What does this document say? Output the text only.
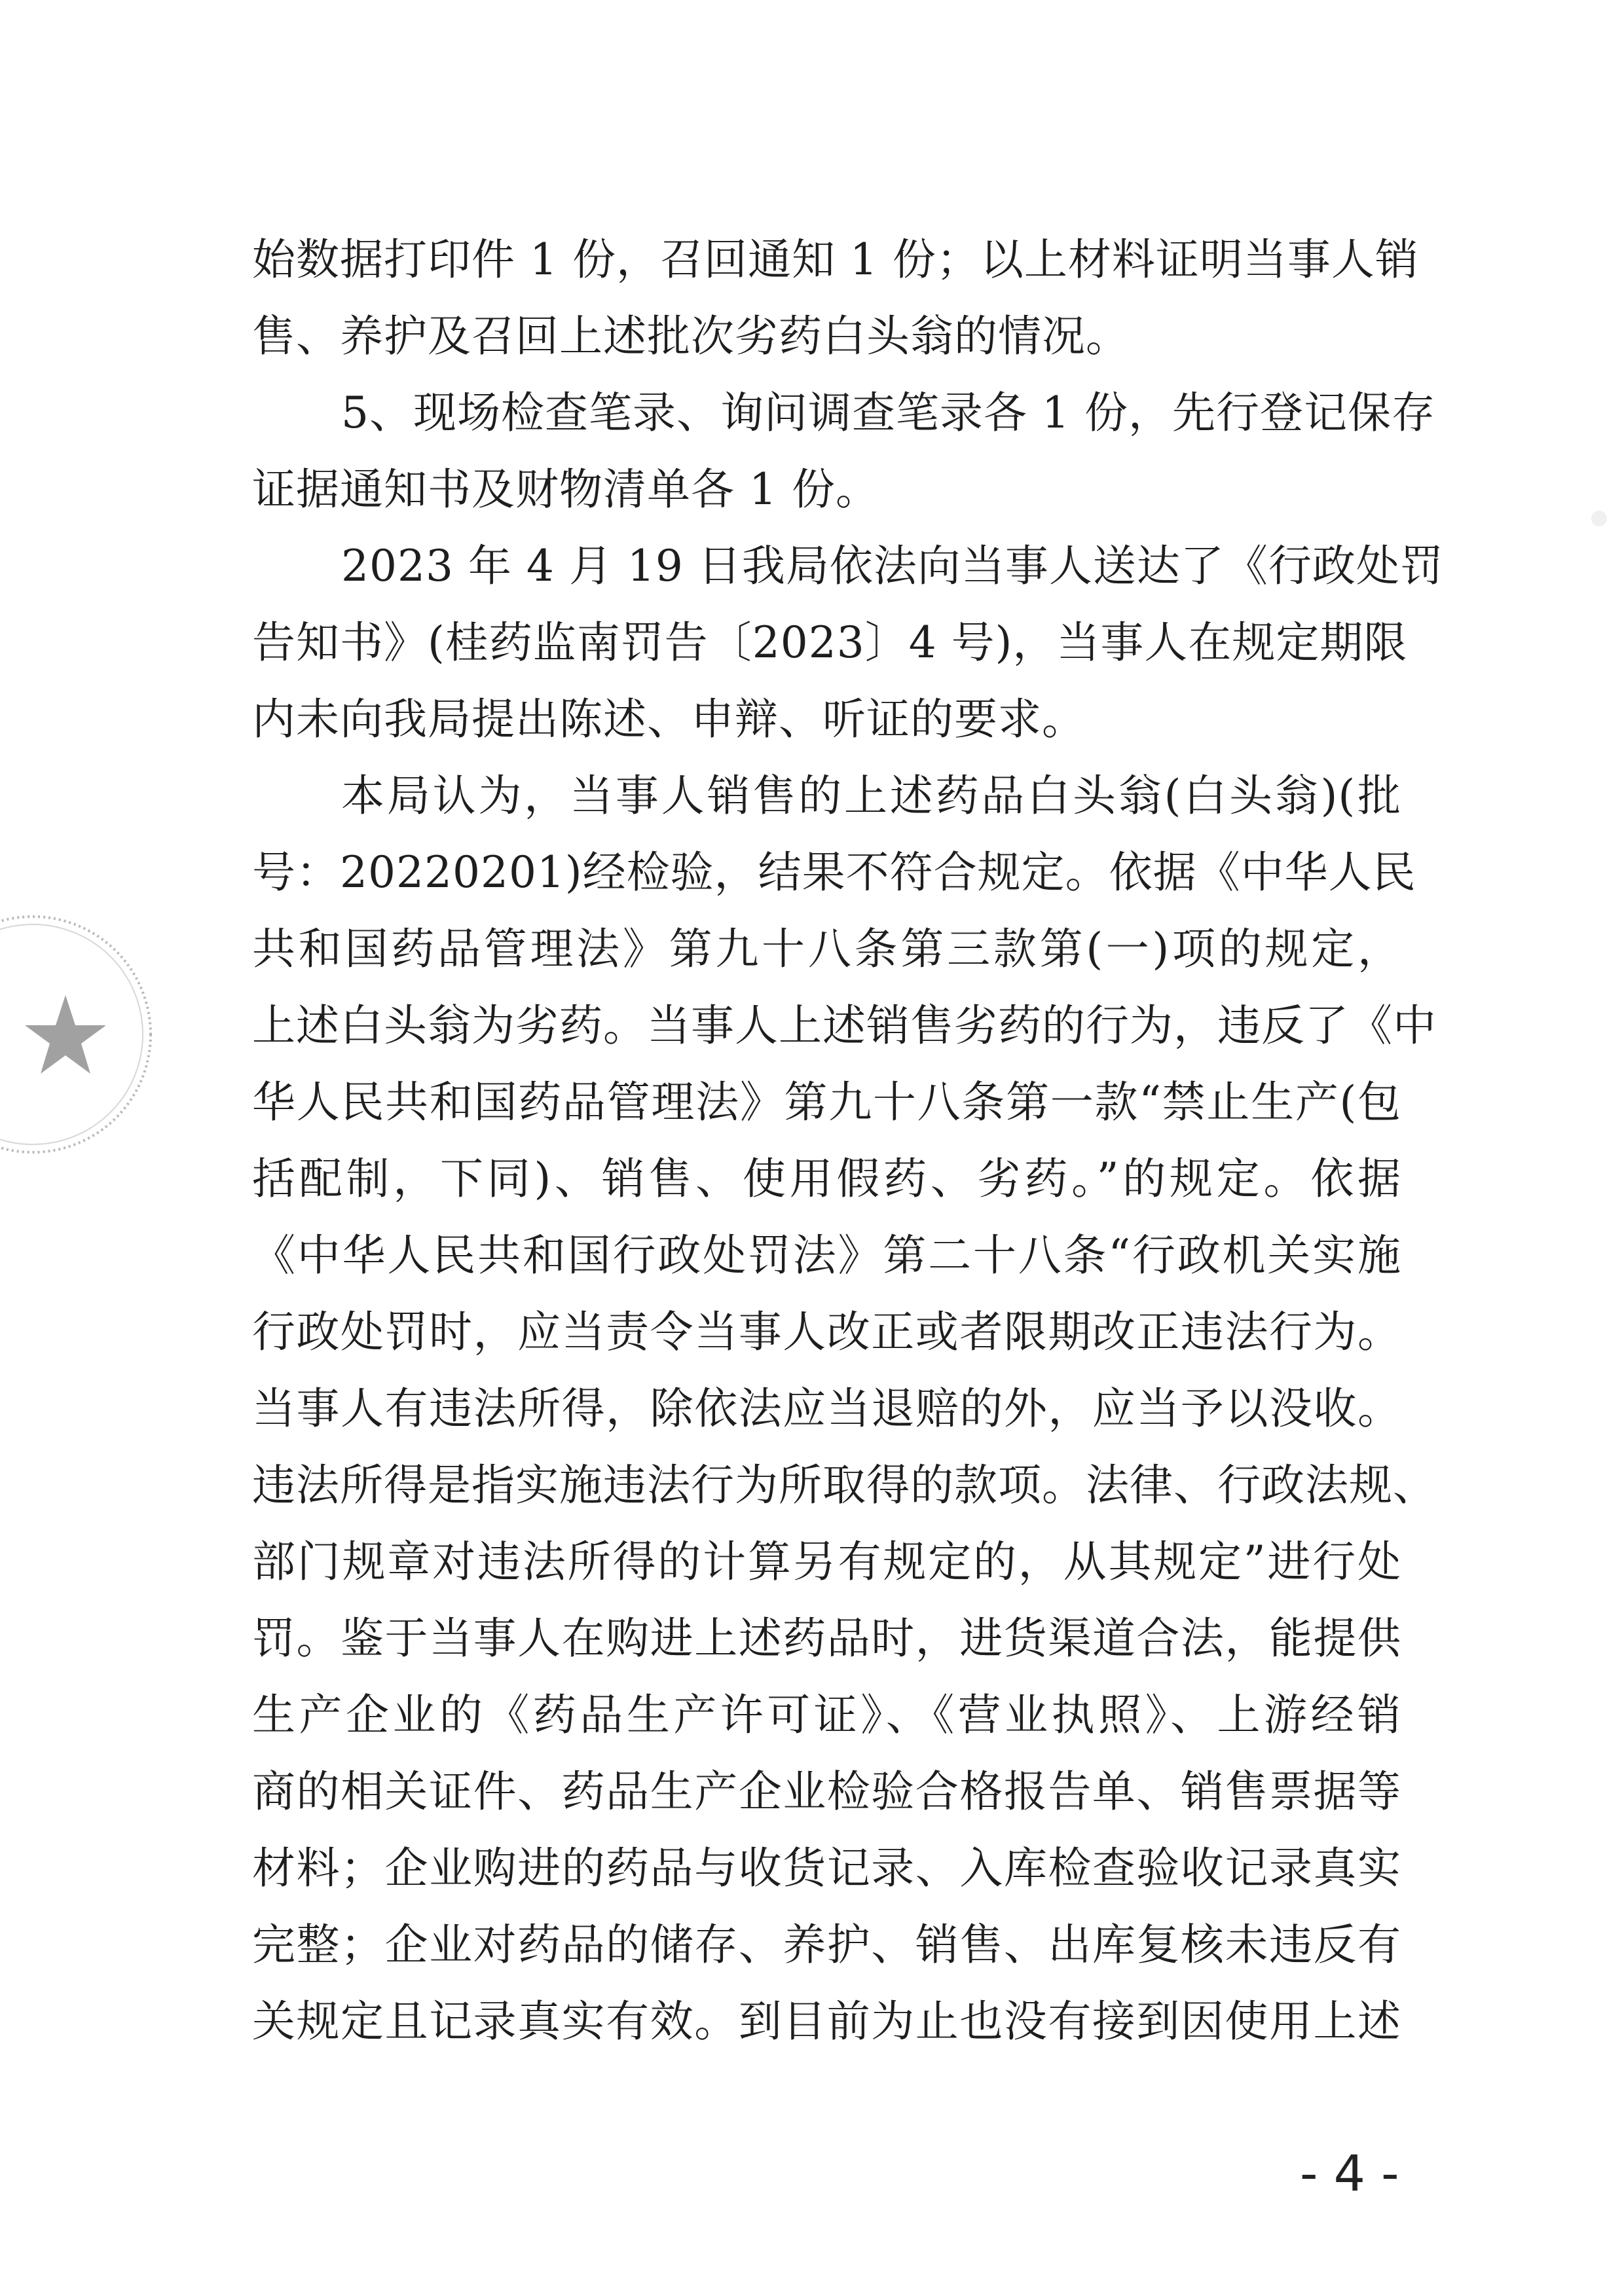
始数据打印件 1 份，召回通知 1 份；以上材料证明当事人销
售、养护及召回上述批次劣药白头翁的情况。
5、现场检查笔录、询问调查笔录各 1 份，先行登记保存
证据通知书及财物清单各 1 份。
2023 年 4 月 19 日我局依法向当事人送达了《行政处罚
告知书》(桂药监南罚告〔2023〕4 号)，当事人在规定期限
内未向我局提出陈述、申辩、听证的要求。
本局认为，当事人销售的上述药品白头翁(白头翁)(批
号：20220201)经检验，结果不符合规定。依据《中华人民
共和国药品管理法》第九十八条第三款第(一)项的规定，
上述白头翁为劣药。当事人上述销售劣药的行为，违反了《中
华人民共和国药品管理法》第九十八条第一款“禁止生产(包
括配制，下同)、销售、使用假药、劣药。”的规定。依据
《中华人民共和国行政处罚法》第二十八条“行政机关实施
行政处罚时，应当责令当事人改正或者限期改正违法行为。
当事人有违法所得，除依法应当退赔的外，应当予以没收。
违法所得是指实施违法行为所取得的款项。法律、行政法规、
部门规章对违法所得的计算另有规定的，从其规定”进行处
罚。鉴于当事人在购进上述药品时，进货渠道合法，能提供
生产企业的《药品生产许可证》、《营业执照》、上游经销
商的相关证件、药品生产企业检验合格报告单、销售票据等
材料；企业购进的药品与收货记录、入库检查验收记录真实
完整；企业对药品的储存、养护、销售、出库复核未违反有
关规定且记录真实有效。到目前为止也没有接到因使用上述
- 4 -
